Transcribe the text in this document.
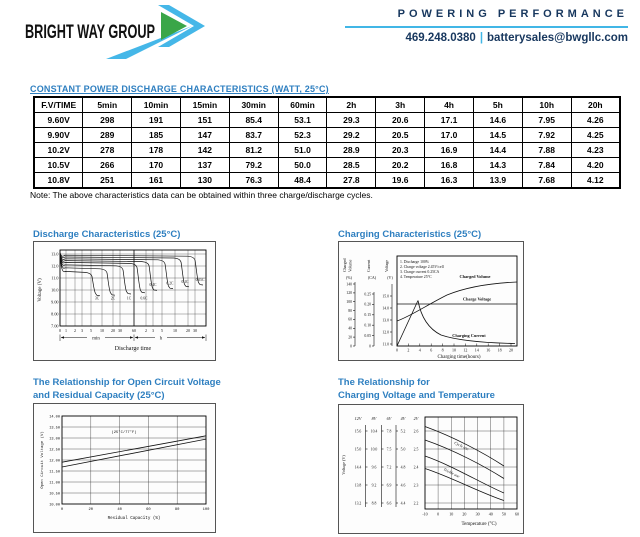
BRIGHT WAY GROUP
POWERING PERFORMANCE
469.248.0380 | batterysales@bwgllc.com
CONSTANT POWER DISCHARGE CHARACTERISTICS (WATT, 25°C)
F.V/TIME	5min	10min	15min	30min	60min	2h	3h	4h	5h	10h	20h
9.60V	298	191	151	85.4	53.1	29.3	20.6	17.1	14.6	7.95	4.26
9.90V	289	185	147	83.7	52.3	29.2	20.5	17.0	14.5	7.92	4.25
10.2V	278	178	142	81.2	51.0	28.9	20.3	16.9	14.4	7.88	4.23
10.5V	266	170	137	79.2	50.0	28.5	20.2	16.8	14.3	7.84	4.20
10.8V	251	161	130	76.3	48.4	27.8	19.6	16.3	13.9	7.68	4.12
Note: The above characteristics data can be obtained within three charge/discharge cycles.
Discharge Characteristics (25°C)
3C	2C	1C	0.6C
0.4C	0.2C 0.1C 0.05C
13.0
12.0
11.0
10.0
9.00
8.00
7.00
0 1 2 3 5 10 20 30	60 2 3 5	10 20 30
Voltage (V)
min	h
Discharge time
Charging Characteristics (25°C)
Charged Volume	Current	Voltage
(%)	(CA)	(V)
140
120
100
80
60
40
20
0
0.25
0.20
0.15
0.10
0.05
0
15.0
14.0
13.0
12.0
11.0
0 2 4 6 8 10 12 14 16 18 20
Charging time(hours)
1. Discharge 100%
2. Charge voltage 2.45V/cell
3. Charge current 0.25CA
4. Temperature 25°C	Charged Volume
Charge Voltage
Charging Current
The Relationship for Open Circuit Voltage
and Residual Capacity (25°C)
(25°C/77°F)
14.00
13.50
13.00
12.50
12.00
11.50
11.00
10.50
10.00
0	20	40	60	80	100
Open Circuit Voltage (V)
Residual Capacity (%)
The Relationship for
Charging Voltage and Temperature
Voltage (V)
12V 8V 6V 4V 2V
15.6
15.0
14.4
13.8
13.2
10.4
10.0
9.6
9.2
8.8
7.8
7.5
7.2
6.9
6.6
5.2
5.0
4.8
4.6
4.4
2.6
2.5
2.4
2.3
2.2
Cycle use
Trickle use
-10 0	10 20 30 40 50 60
Temperature (°C)
